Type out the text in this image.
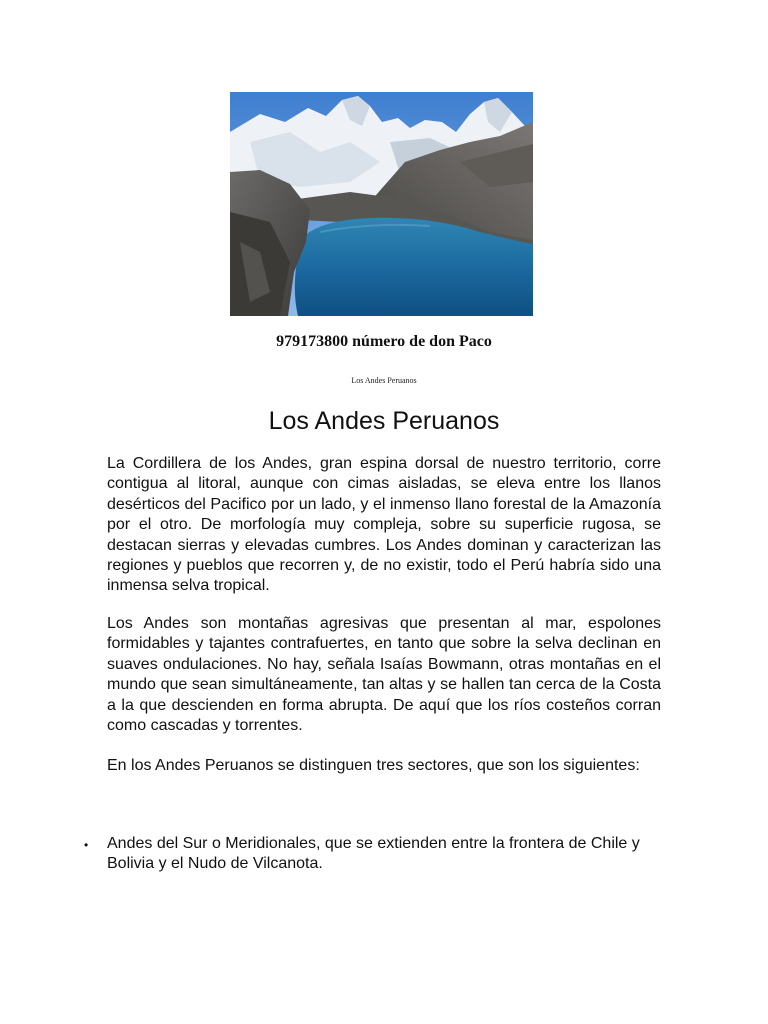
979173800 número de don Paco
Los Andes Peruanos
Los Andes Peruanos

La Cordillera de los Andes, gran espina dorsal de nuestro territorio, corre contigua al litoral, aunque con cimas aisladas, se eleva entre los llanos desérticos del Pacifico por un lado, y el inmenso llano forestal de la Amazonía por el otro. De morfología muy compleja, sobre su superficie rugosa, se destacan sierras y elevadas cumbres. Los Andes dominan y caracterizan las regiones y pueblos que recorren y, de no existir, todo el Perú habría sido una inmensa selva tropical.

Los Andes son montañas agresivas que presentan al mar, espolones formidables y tajantes contrafuertes, en tanto que sobre la selva declinan en suaves ondulaciones. No hay, señala Isaías Bowmann, otras montañas en el mundo que sean simultáneamente, tan altas y se hallen tan cerca de la Costa a la que descienden en forma abrupta. De aquí que los ríos costeños corran como cascadas y torrentes.

En los Andes Peruanos se distinguen tres sectores, que son los siguientes:

• Andes del Sur o Meridionales, que se extienden entre la frontera de Chile y Bolivia y el Nudo de Vilcanota.
